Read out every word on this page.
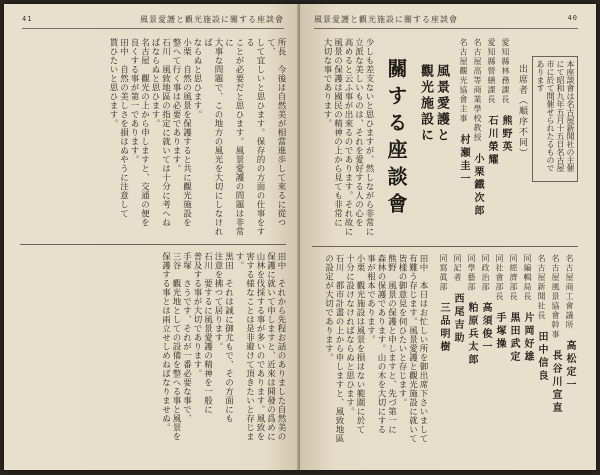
41	風景愛護と觀光施設に關する座談會

所長　今後は自然美が相當進歩して來るに從つて、

して宜しいと思ひます。保存的の方面の仕事をする

ことが必要だと思ひます。風景愛護の問題は非常に

大事な問題で、この地方の風光を大切にしなければ

ならぬと思ひます。

小栗　自然の風景を保護すると共に觀光施設を

整へて行く事は必要であります。

石川　風致地區の指定に就いては十分に考へね

ばならぬと思ひます。

名古屋　觀光の上から申しますと、交通の便を

良くする事が第一であります。

田中　自然の美しさを損はぬやうに注意して

貰ひたいと思ひます。

田中　それから先程お話のありました自然美の

保護に就いて申しますと、近來は開發の爲めに

山林を伐採する事が多いのであります。風致を

害する様なことは是非避けて頂きたいと存じます。

黒田　それは誠に御尤もで、その方面にも

注意を拂つて居ります。

石川　要するに風景愛護の精神を一般に

普及する事が大切であります。

手塚　さうです、それが一番必要な事で、

三谷　觀光地としての設備を整へる事と風景を

保護する事とは兩立せしめねばなりませぬ。

風景愛護と觀光施設に關する座談會	40

少しも差支ないと思ひますが、然しながら非常に

立派な美しいものは、それを愛好する人の心を

高めると云ふ事が出來るのであります。それ故に

風景の保護は國民の精神の上から見ても非常に

大切な事であります。	關する座談會 觀光施設に 風景愛護と	本座談會は名古屋新聞社の主催にて昭和九年五月十五日名古屋市に於て開催せられたるものであります
出席者（順序不同）
愛知縣林務課長 熊野英
愛知縣營繕課長 石川榮耀
名古屋高等商業學校教授 小栗鐵次郎
名古屋觀光協會主事 村瀬圭一
名古屋商工會議所 高松定一
名古屋風景協會幹事 長谷川宣直
名古屋新聞社長 田中信良
同編輯局長 片岡好雄
同經濟部長 黒田武定
同社會部長 手塚操
同政治部 高須俊一
同學藝部 粕原兵太郎
同記者 西尾吉助
同寫眞部 三品明樹

田中　本日はお忙しい所を御出席下さいまして

有難う存じます。風景愛護と觀光施設に就いて

皆樣の御意見を伺ひたいと存じます。

熊野　風景の保護と申しますと、先づ第一に

森林の保護であります。山の木を大切にする

事が根本であります。

小栗　觀光施設は風景を損はない範圍に於て

十分に設けなければならぬと思ひます。

石川　都市計畫の上から申しますと、風致地區

の設定が大切であります。
